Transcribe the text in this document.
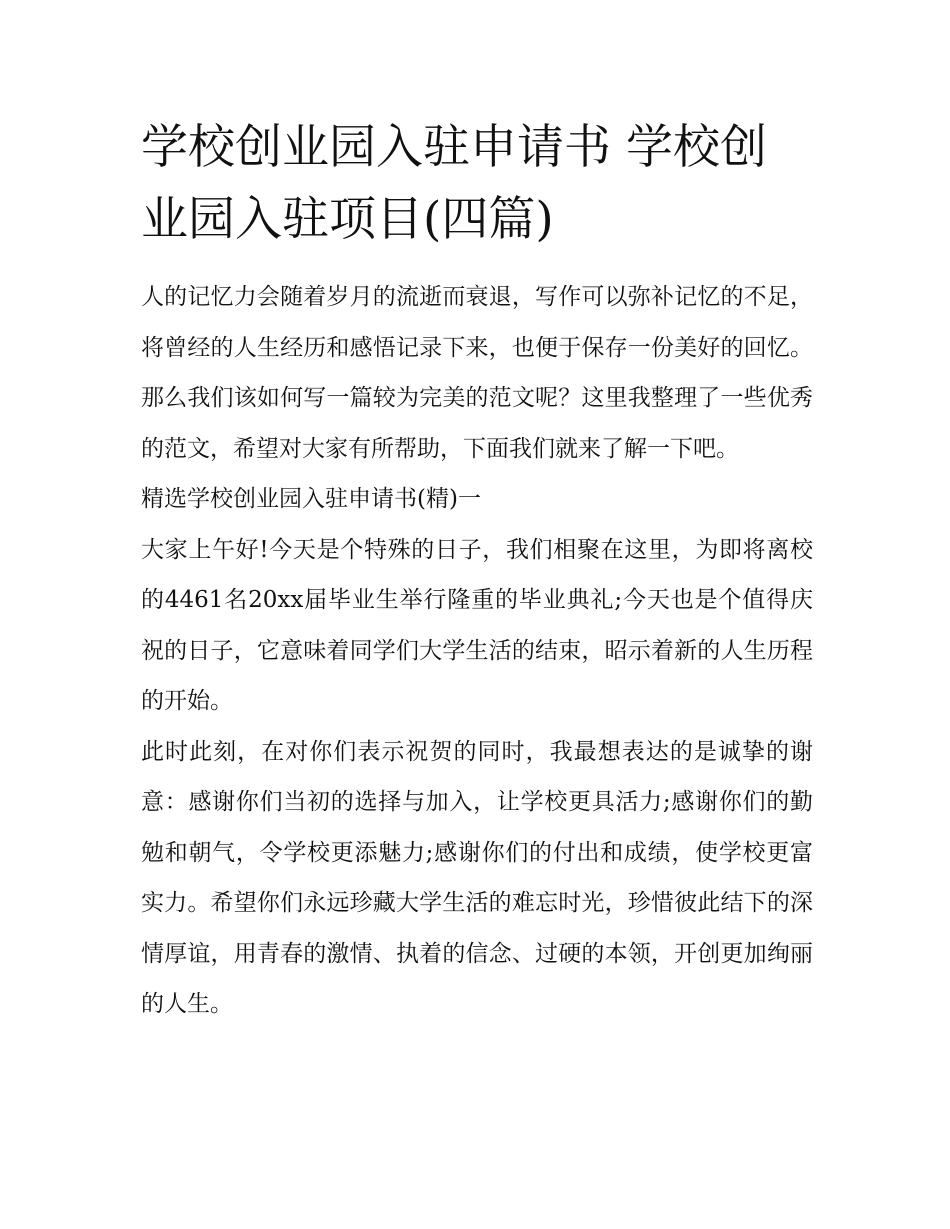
学校创业园入驻申请书 学校创业园入驻项目(四篇)

人的记忆力会随着岁月的流逝而衰退，写作可以弥补记忆的不足，将曾经的人生经历和感悟记录下来，也便于保存一份美好的回忆。那么我们该如何写一篇较为完美的范文呢？这里我整理了一些优秀的范文，希望对大家有所帮助，下面我们就来了解一下吧。

精选学校创业园入驻申请书(精)一

大家上午好!今天是个特殊的日子，我们相聚在这里，为即将离校的4461名20xx届毕业生举行隆重的毕业典礼;今天也是个值得庆祝的日子，它意味着同学们大学生活的结束，昭示着新的人生历程的开始。

此时此刻，在对你们表示祝贺的同时，我最想表达的是诚挚的谢意：感谢你们当初的选择与加入，让学校更具活力;感谢你们的勤勉和朝气，令学校更添魅力;感谢你们的付出和成绩，使学校更富实力。希望你们永远珍藏大学生活的难忘时光，珍惜彼此结下的深情厚谊，用青春的激情、执着的信念、过硬的本领，开创更加绚丽的人生。
